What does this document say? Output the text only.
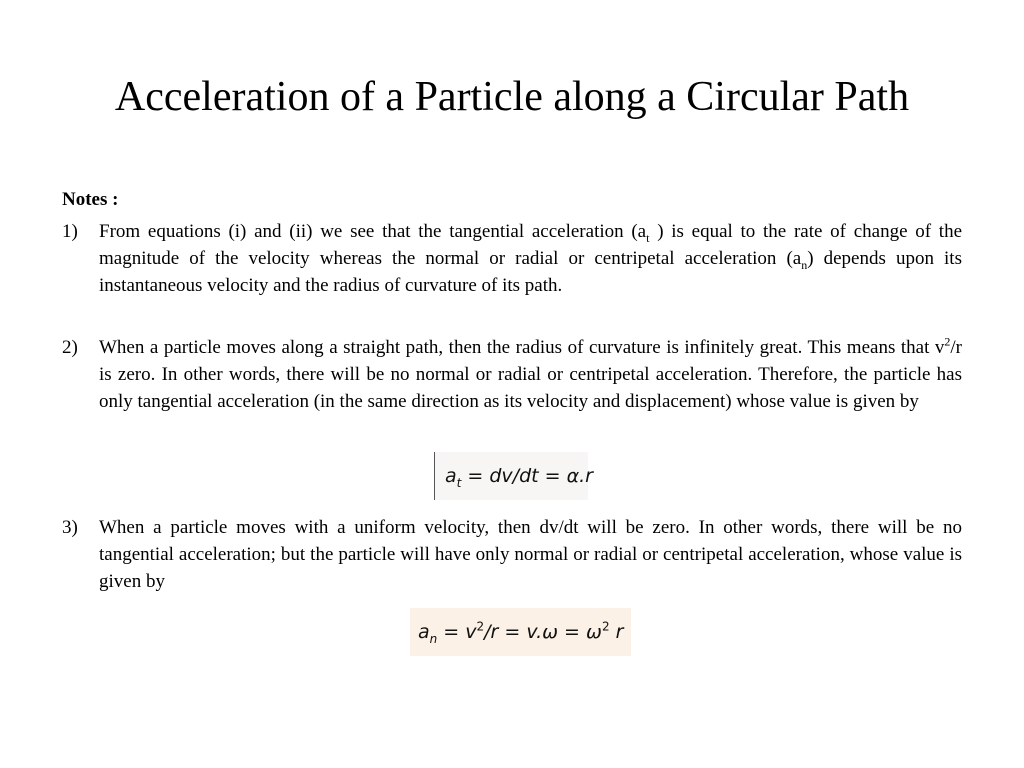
Acceleration of a Particle along a Circular Path
Notes :
1)	From equations (i) and (ii) we see that the tangential acceleration ($a_t$ ) is equal to the rate of change of the magnitude of the velocity whereas the normal or radial or centripetal acceleration $(a_n)$ depends upon its instantaneous velocity and the radius of curvature of its path.
2)	When a particle moves along a straight path, then the radius of curvature is infinitely great. This means that $v^2/r$ is zero. In other words, there will be no normal or radial or centripetal acceleration. Therefore, the particle has only tangential acceleration (in the same direction as its velocity and displacement) whose value is given by
$a_t = dv/dt = \alpha.r$
3)	When a particle moves with a uniform velocity, then dv/dt will be zero. In other words, there will be no tangential acceleration; but the particle will have only normal or radial or centripetal acceleration, whose value is given by
$a_n = v^2/r = v.\omega = \omega^2$ r
